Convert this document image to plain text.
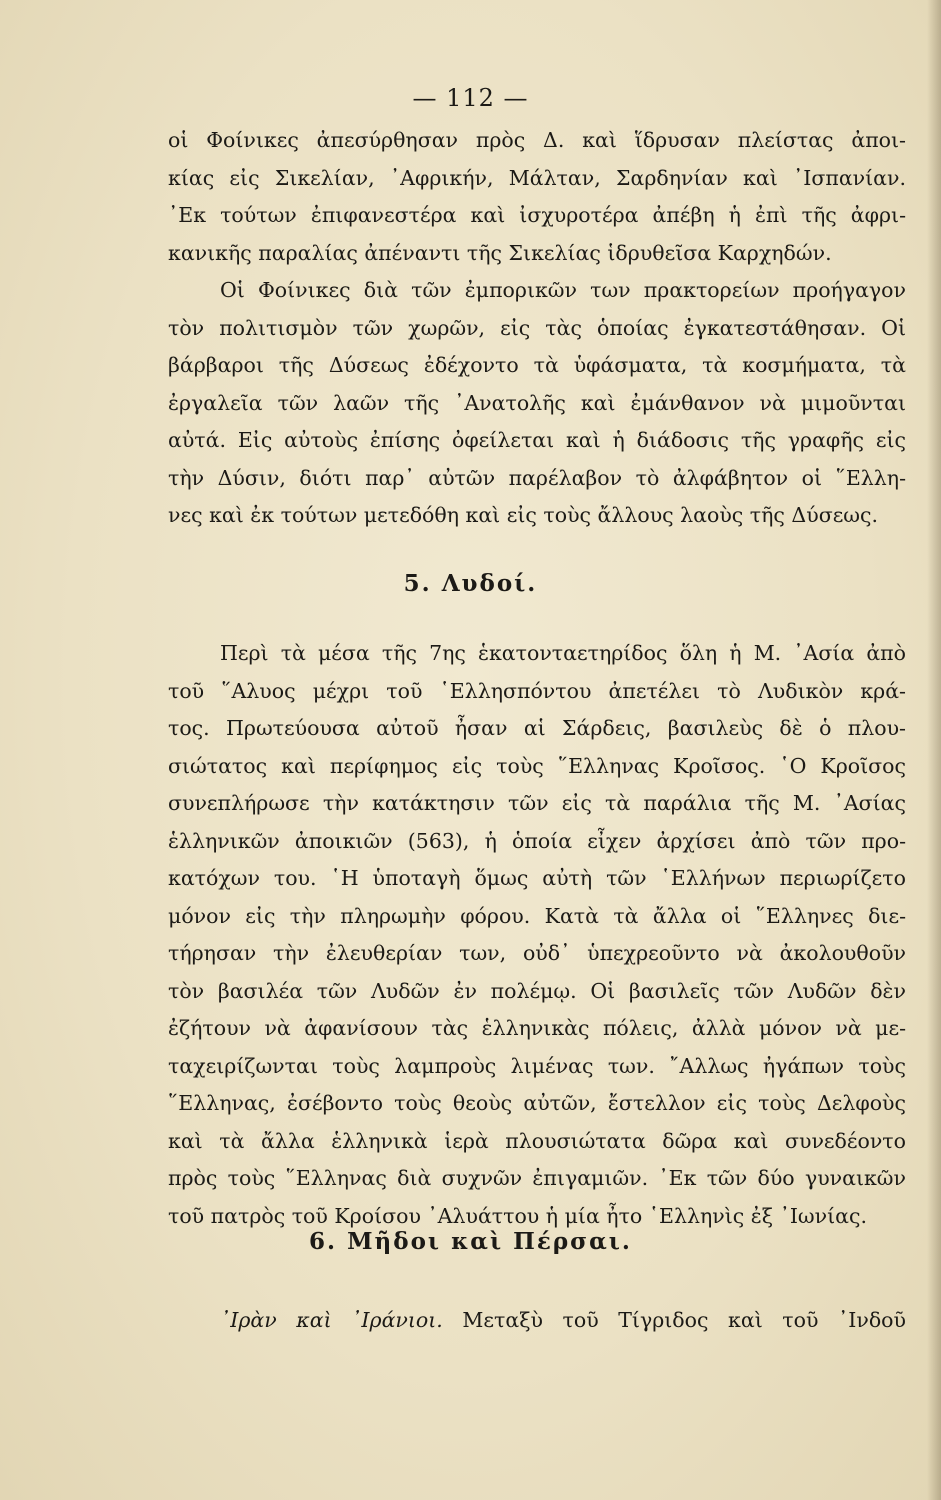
— 112 —
οἱ Φοίνικες ἀπεσύρθησαν πρὸς Δ. καὶ ἵδρυσαν πλείστας ἀποι-
κίας εἰς Σικελίαν, ᾿Αφρικήν, Μάλταν, Σαρδηνίαν καὶ ᾿Ισπανίαν.
᾿Εκ τούτων ἐπιφανεστέρα καὶ ἰσχυροτέρα ἀπέβη ἡ ἐπὶ τῆς ἀφρι-
κανικῆς παραλίας ἀπέναντι τῆς Σικελίας ἱδρυθεῖσα Καρχηδών.
Οἱ Φοίνικες διὰ τῶν ἐμπορικῶν των πρακτορείων προήγαγον
τὸν πολιτισμὸν τῶν χωρῶν, εἰς τὰς ὁποίας ἐγκατεστάθησαν. Οἱ
βάρβαροι τῆς Δύσεως ἐδέχοντο τὰ ὑφάσματα, τὰ κοσμήματα, τὰ
ἐργαλεῖα τῶν λαῶν τῆς ᾿Ανατολῆς καὶ ἐμάνθανον νὰ μιμοῦνται
αὐτά. Εἰς αὐτοὺς ἐπίσης ὀφείλεται καὶ ἡ διάδοσις τῆς γραφῆς εἰς
τὴν Δύσιν, διότι παρ᾿ αὐτῶν παρέλαβον τὸ ἀλφάβητον οἱ ῞Ελλη-
νες καὶ ἐκ τούτων μετεδόθη καὶ εἰς τοὺς ἄλλους λαοὺς τῆς Δύσεως.
5. Λυδοί.
Περὶ τὰ μέσα τῆς 7ης ἑκατονταετηρίδος ὅλη ἡ Μ. ᾿Ασία ἀπὸ
τοῦ ῞Αλυος μέχρι τοῦ ῾Ελλησπόντου ἀπετέλει τὸ Λυδικὸν κρά-
τος. Πρωτεύουσα αὐτοῦ ἦσαν αἱ Σάρδεις, βασιλεὺς δὲ ὁ πλου-
σιώτατος καὶ περίφημος εἰς τοὺς ῞Ελληνας Κροῖσος. ῾Ο Κροῖσος
συνεπλήρωσε τὴν κατάκτησιν τῶν εἰς τὰ παράλια τῆς Μ. ᾿Ασίας
ἑλληνικῶν ἀποικιῶν (563), ἡ ὁποία εἶχεν ἀρχίσει ἀπὸ τῶν προ-
κατόχων του. ῾Η ὑποταγὴ ὅμως αὐτὴ τῶν ῾Ελλήνων περιωρίζετο
μόνον εἰς τὴν πληρωμὴν φόρου. Κατὰ τὰ ἄλλα οἱ ῞Ελληνες διε-
τήρησαν τὴν ἐλευθερίαν των, οὐδ᾿ ὑπεχρεοῦντο νὰ ἀκολουθοῦν
τὸν βασιλέα τῶν Λυδῶν ἐν πολέμῳ. Οἱ βασιλεῖς τῶν Λυδῶν δὲν
ἐζήτουν νὰ ἀφανίσουν τὰς ἑλληνικὰς πόλεις, ἀλλὰ μόνον νὰ με-
ταχειρίζωνται τοὺς λαμπροὺς λιμένας των. ῎Αλλως ἠγάπων τοὺς
῞Ελληνας, ἐσέβοντο τοὺς θεοὺς αὐτῶν, ἔστελλον εἰς τοὺς Δελφοὺς
καὶ τὰ ἄλλα ἑλληνικὰ ἱερὰ πλουσιώτατα δῶρα καὶ συνεδέοντο
πρὸς τοὺς ῞Ελληνας διὰ συχνῶν ἐπιγαμιῶν. ᾿Εκ τῶν δύο γυναικῶν
τοῦ πατρὸς τοῦ Κροίσου ᾿Αλυάττου ἡ μία ἦτο ῾Ελληνὶς ἐξ ᾿Ιωνίας.
6. Μῆδοι καὶ Πέρσαι.
᾿Ιρὰν καὶ ᾿Ιράνιοι. Μεταξὺ τοῦ Τίγριδος καὶ τοῦ ᾿Ινδοῦ
